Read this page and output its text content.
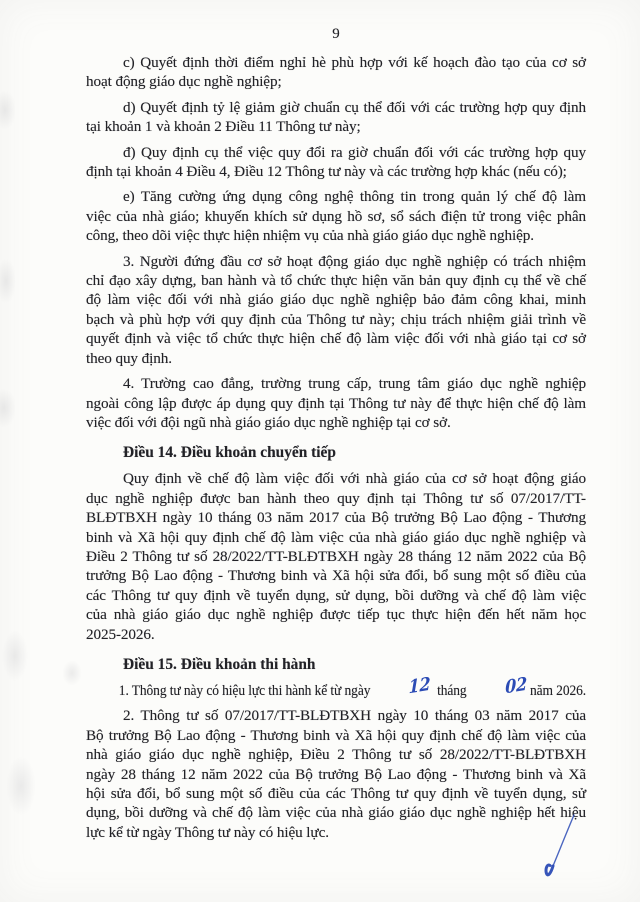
9
c) Quyết định thời điểm nghỉ hè phù hợp với kế hoạch đào tạo của cơ sở
hoạt động giáo dục nghề nghiệp;
d) Quyết định tỷ lệ giảm giờ chuẩn cụ thể đối với các trường hợp quy định
tại khoản 1 và khoản 2 Điều 11 Thông tư này;
đ) Quy định cụ thể việc quy đổi ra giờ chuẩn đối với các trường hợp quy
định tại khoản 4 Điều 4, Điều 12 Thông tư này và các trường hợp khác (nếu có);
e) Tăng cường ứng dụng công nghệ thông tin trong quản lý chế độ làm
việc của nhà giáo; khuyến khích sử dụng hồ sơ, sổ sách điện tử trong việc phân
công, theo dõi việc thực hiện nhiệm vụ của nhà giáo giáo dục nghề nghiệp.
3. Người đứng đầu cơ sở hoạt động giáo dục nghề nghiệp có trách nhiệm
chỉ đạo xây dựng, ban hành và tổ chức thực hiện văn bản quy định cụ thể về chế
độ làm việc đối với nhà giáo giáo dục nghề nghiệp bảo đảm công khai, minh
bạch và phù hợp với quy định của Thông tư này; chịu trách nhiệm giải trình về
quyết định và việc tổ chức thực hiện chế độ làm việc đối với nhà giáo tại cơ sở
theo quy định.
4. Trường cao đẳng, trường trung cấp, trung tâm giáo dục nghề nghiệp
ngoài công lập được áp dụng quy định tại Thông tư này để thực hiện chế độ làm
việc đối với đội ngũ nhà giáo giáo dục nghề nghiệp tại cơ sở.
Điều 14. Điều khoản chuyển tiếp
Quy định về chế độ làm việc đối với nhà giáo của cơ sở hoạt động giáo
dục nghề nghiệp được ban hành theo quy định tại Thông tư số 07/2017/TT-
BLĐTBXH ngày 10 tháng 03 năm 2017 của Bộ trưởng Bộ Lao động - Thương
binh và Xã hội quy định chế độ làm việc của nhà giáo giáo dục nghề nghiệp và
Điều 2 Thông tư số 28/2022/TT-BLĐTBXH ngày 28 tháng 12 năm 2022 của Bộ
trưởng Bộ Lao động - Thương binh và Xã hội sửa đổi, bổ sung một số điều của
các Thông tư quy định về tuyển dụng, sử dụng, bồi dưỡng và chế độ làm việc
của nhà giáo giáo dục nghề nghiệp được tiếp tục thực hiện đến hết năm học
2025-2026.
Điều 15. Điều khoản thi hành
1. Thông tư này có hiệu lực thi hành kể từ ngày 12 tháng 02 năm 2026.
2. Thông tư số 07/2017/TT-BLĐTBXH ngày 10 tháng 03 năm 2017 của
Bộ trưởng Bộ Lao động - Thương binh và Xã hội quy định chế độ làm việc của
nhà giáo giáo dục nghề nghiệp, Điều 2 Thông tư số 28/2022/TT-BLĐTBXH
ngày 28 tháng 12 năm 2022 của Bộ trưởng Bộ Lao động - Thương binh và Xã
hội sửa đổi, bổ sung một số điều của các Thông tư quy định về tuyển dụng, sử
dụng, bồi dưỡng và chế độ làm việc của nhà giáo giáo dục nghề nghiệp hết hiệu
lực kể từ ngày Thông tư này có hiệu lực.
